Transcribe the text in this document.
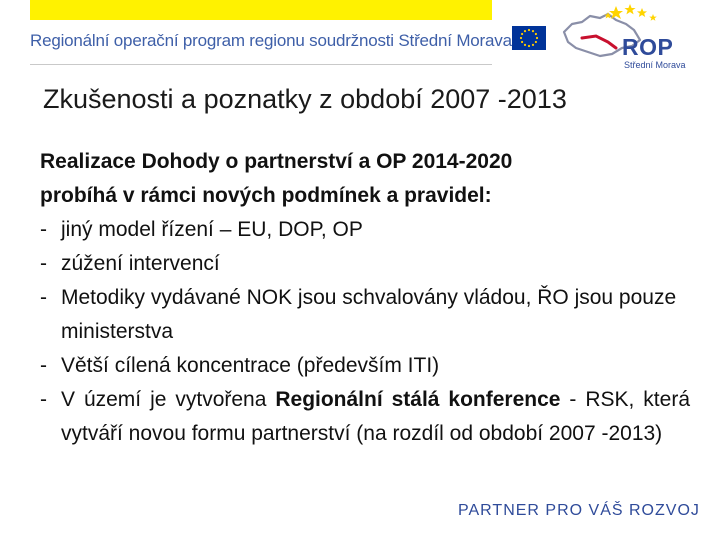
Regionální operační program regionu soudržnosti Střední Morava	ROP
Střední Morava
Zkušenosti a poznatky z období 2007 -2013
Realizace Dohody o partnerství a OP 2014-2020
probíhá v rámci nových podmínek a pravidel:
- jiný model řízení – EU, DOP, OP
- zúžení intervencí
- Metodiky vydávané NOK jsou schvalovány vládou, ŘO jsou pouze ministerstva
- Větší cílená koncentrace (především ITI)
- V území je vytvořena Regionální stálá konference - RSK, která vytváří novou formu partnerství (na rozdíl od období 2007 -2013)
PARTNER PRO VÁŠ ROZVOJ
